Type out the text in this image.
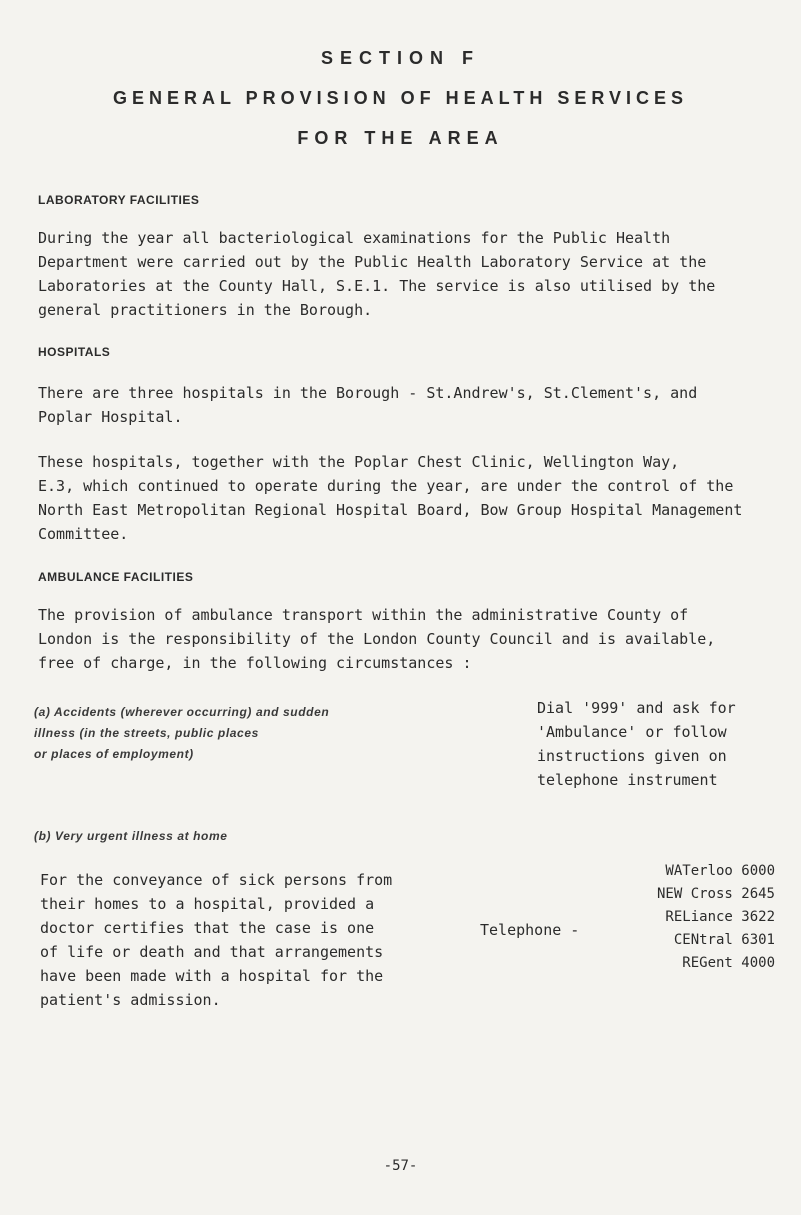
SECTION F
GENERAL PROVISION OF HEALTH SERVICES
FOR THE AREA
LABORATORY FACILITIES
During the year all bacteriological examinations for the Public Health
Department were carried out by the Public Health Laboratory Service at the
Laboratories at the County Hall, S.E.1. The service is also utilised by the
general practitioners in the Borough.
HOSPITALS
There are three hospitals in the Borough - St.Andrew's, St.Clement's, and
Poplar Hospital.
These hospitals, together with the Poplar Chest Clinic, Wellington Way,
E.3, which continued to operate during the year, are under the control of the
North East Metropolitan Regional Hospital Board, Bow Group Hospital Management
Committee.
AMBULANCE FACILITIES
The provision of ambulance transport within the administrative County of
London is the responsibility of the London County Council and is available,
free of charge, in the following circumstances :
(a) Accidents (wherever occurring) and sudden
illness (in the streets, public places
or places of employment)
Dial '999' and ask for
'Ambulance' or follow
instructions given on
telephone instrument
(b) Very urgent illness at home
For the conveyance of sick persons from
their homes to a hospital, provided a
doctor certifies that the case is one
of life or death and that arrangements
have been made with a hospital for the
patient's admission.
Telephone -
WATerloo 6000
NEW Cross 2645
RELiance 3622
CENtral 6301
REGent 4000
-57-
